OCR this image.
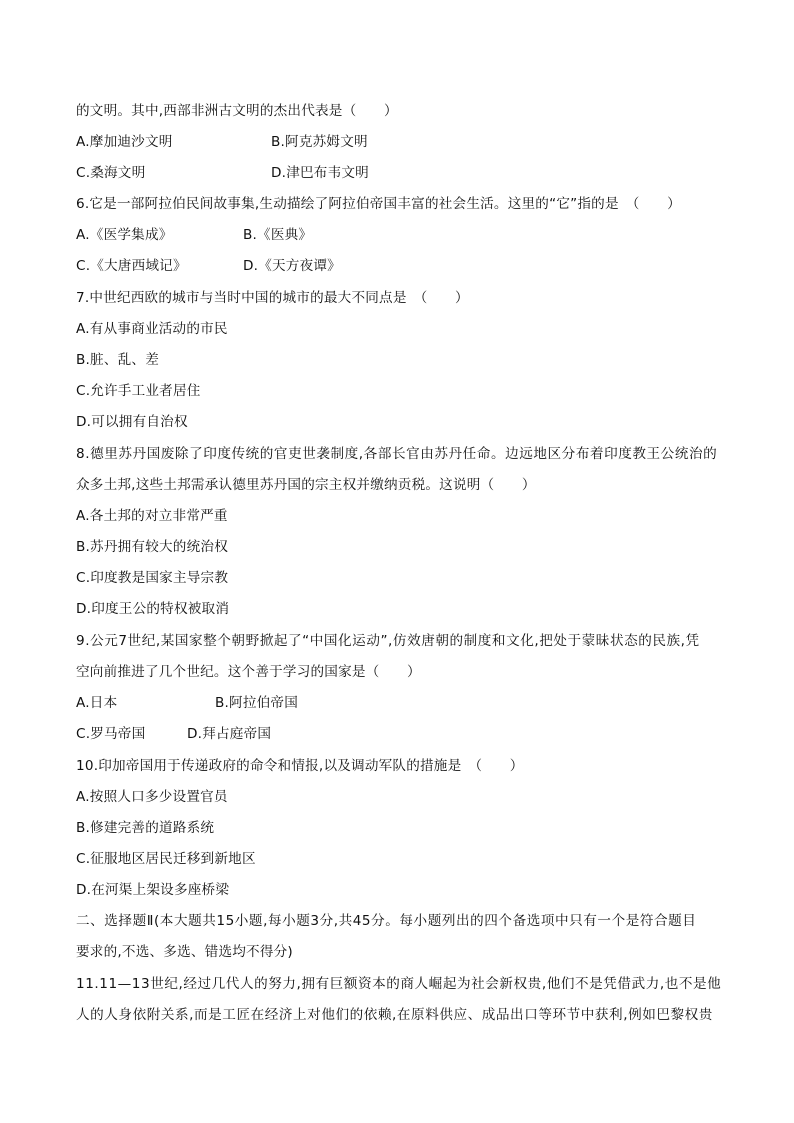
的文明。其中,西部非洲古文明的杰出代表是（　　）
A.摩加迪沙文明	B.阿克苏姆文明
C.桑海文明	D.津巴布韦文明
6.它是一部阿拉伯民间故事集,生动描绘了阿拉伯帝国丰富的社会生活。这里的“它”指的是　（　　）
A.《医学集成》	B.《医典》
C.《大唐西域记》	D.《天方夜谭》
7.中世纪西欧的城市与当时中国的城市的最大不同点是　（　　）
A.有从事商业活动的市民
B.脏、乱、差
C.允许手工业者居住
D.可以拥有自治权
8.德里苏丹国废除了印度传统的官吏世袭制度,各部长官由苏丹任命。边远地区分布着印度教王公统治的
众多土邦,这些土邦需承认德里苏丹国的宗主权并缴纳贡税。这说明（　　）
A.各土邦的对立非常严重
B.苏丹拥有较大的统治权
C.印度教是国家主导宗教
D.印度王公的特权被取消
9.公元7世纪,某国家整个朝野掀起了“中国化运动”,仿效唐朝的制度和文化,把处于蒙昧状态的民族,凭
空向前推进了几个世纪。这个善于学习的国家是（　　）
A.日本	B.阿拉伯帝国
C.罗马帝国	D.拜占庭帝国
10.印加帝国用于传递政府的命令和情报,以及调动军队的措施是　（　　）
A.按照人口多少设置官员
B.修建完善的道路系统
C.征服地区居民迁移到新地区
D.在河渠上架设多座桥梁
二、选择题Ⅱ(本大题共15小题,每小题3分,共45分。每小题列出的四个备选项中只有一个是符合题目
要求的,不选、多选、错选均不得分)
11.11—13世纪,经过几代人的努力,拥有巨额资本的商人崛起为社会新权贵,他们不是凭借武力,也不是他
人的人身依附关系,而是工匠在经济上对他们的依赖,在原料供应、成品出口等环节中获利,例如巴黎权贵
